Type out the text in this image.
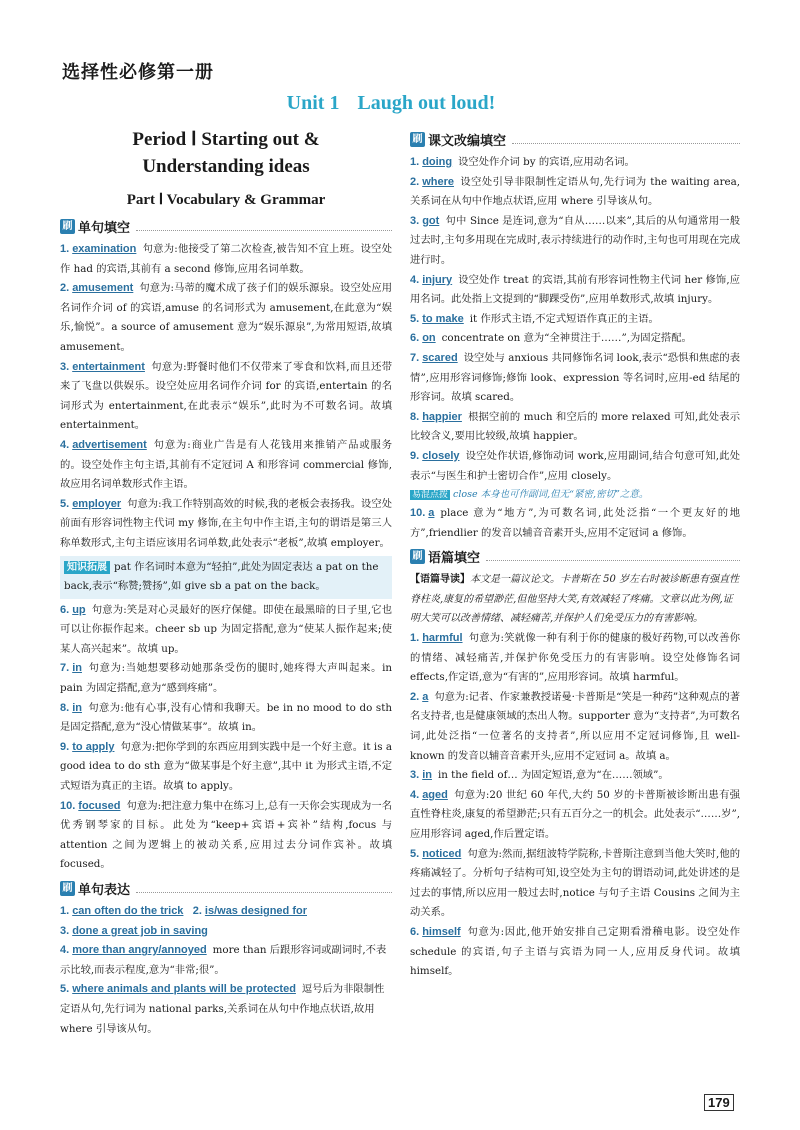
选择性必修第一册
Unit 1 Laugh out loud!
Period Ⅰ Starting out &
Understanding ideas
Part Ⅰ Vocabulary & Grammar
刷 单句填空
1. examination 句意为:他接受了第二次检查,被告知不宜上班。设空处作 had 的宾语,其前有 a second 修饰,应用名词单数。
2. amusement 句意为:马蒂的魔术成了孩子们的娱乐源泉。设空处应用名词作介词 of 的宾语,amuse 的名词形式为 amusement,在此意为“娱乐,愉悦”。a source of amusement 意为“娱乐源泉”,为常用短语,故填 amusement。
3. entertainment 句意为:野餐时他们不仅带来了零食和饮料,而且还带来了飞盘以供娱乐。设空处应用名词作介词 for 的宾语,entertain 的名词形式为 entertainment,在此表示“娱乐”,此时为不可数名词。故填 entertainment。
4. advertisement 句意为:商业广告是有人花钱用来推销产品或服务的。设空处作主句主语,其前有不定冠词 A 和形容词 commercial 修饰,故应用名词单数形式作主语。
5. employer 句意为:我工作特别高效的时候,我的老板会表扬我。设空处前面有形容词性物主代词 my 修饰,在主句中作主语,主句的谓语是第三人称单数形式,主句主语应该用名词单数,此处表示“老板”,故填 employer。
知识拓展 pat 作名词时本意为“轻拍”,此处为固定表达 a pat on the back,表示“称赞;赞扬”,如 give sb a pat on the back。
6. up 句意为:笑是对心灵最好的医疗保健。即使在最黑暗的日子里,它也可以让你振作起来。cheer sb up 为固定搭配,意为“使某人振作起来;使某人高兴起来”。故填 up。
7. in 句意为:当她想要移动她那条受伤的腿时,她疼得大声叫起来。in pain 为固定搭配,意为“感到疼痛”。
8. in 句意为:他有心事,没有心情和我聊天。be in no mood to do sth 是固定搭配,意为“没心情做某事”。故填 in。
9. to apply 句意为:把你学到的东西应用到实践中是一个好主意。it is a good idea to do sth 意为“做某事是个好主意”,其中 it 为形式主语,不定式短语为真正的主语。故填 to apply。
10. focused 句意为:把注意力集中在练习上,总有一天你会实现成为一名优秀钢琴家的目标。此处为“keep+宾语+宾补”结构,focus 与 attention 之间为逻辑上的被动关系,应用过去分词作宾补。故填 focused。
刷 单句表达
1. can often do the trick 2. is/was designed for
3. done a great job in saving
4. more than angry/annoyed more than 后跟形容词或副词时,不表示比较,而表示程度,意为“非常;很”。
5. where animals and plants will be protected 逗号后为非限制性定语从句,先行词为 national parks,关系词在从句中作地点状语,故用 where 引导该从句。
刷 课文改编填空
1. doing 设空处作介词 by 的宾语,应用动名词。
2. where 设空处引导非限制性定语从句,先行词为 the waiting area,关系词在从句中作地点状语,应用 where 引导该从句。
3. got 句中 Since 是连词,意为“自从……以来”,其后的从句通常用一般过去时,主句多用现在完成时,表示持续进行的动作时,主句也可用现在完成进行时。
4. injury 设空处作 treat 的宾语,其前有形容词性物主代词 her 修饰,应用名词。此处指上文提到的“脚踝受伤”,应用单数形式,故填 injury。
5. to make it 作形式主语,不定式短语作真正的主语。
6. on concentrate on 意为“全神贯注于……”,为固定搭配。
7. scared 设空处与 anxious 共同修饰名词 look,表示“恐惧和焦虑的表情”,应用形容词修饰;修饰 look、expression 等名词时,应用-ed 结尾的形容词。故填 scared。
8. happier 根据空前的 much 和空后的 more relaxed 可知,此处表示比较含义,要用比较级,故填 happier。
9. closely 设空处作状语,修饰动词 work,应用副词,结合句意可知,此处表示“与医生和护士密切合作”,应用 closely。
易混点拨 close 本身也可作副词,但无“紧密,密切”之意。
10. a place 意为“地方”,为可数名词,此处泛指“一个更友好的地方”,friendlier 的发音以辅音音素开头,应用不定冠词 a 修饰。
刷 语篇填空
【语篇导读】本文是一篇议论文。卡普斯在 50 岁左右时被诊断患有强直性脊柱炎,康复的希望渺茫,但他坚持大笑,有效减轻了疼痛。文章以此为例,证明大笑可以改善情绪、减轻痛苦,并保护人们免受压力的有害影响。
1. harmful 句意为:笑就像一种有利于你的健康的极好药物,可以改善你的情绪、减轻痛苦,并保护你免受压力的有害影响。设空处修饰名词 effects,作定语,意为“有害的”,应用形容词。故填 harmful。
2. a 句意为:记者、作家兼教授诺曼·卡普斯是“笑是一种药”这种观点的著名支持者,也是健康领域的杰出人物。supporter 意为“支持者”,为可数名词,此处泛指“一位著名的支持者”,所以应用不定冠词修饰,且 well-known 的发音以辅音音素开头,应用不定冠词 a。故填 a。
3. in in the field of… 为固定短语,意为“在……领域”。
4. aged 句意为:20 世纪 60 年代,大约 50 岁的卡普斯被诊断出患有强直性脊柱炎,康复的希望渺茫;只有五百分之一的机会。此处表示“……岁”,应用形容词 aged,作后置定语。
5. noticed 句意为:然而,据纽波特学院称,卡普斯注意到当他大笑时,他的疼痛减轻了。分析句子结构可知,设空处为主句的谓语动词,此处讲述的是过去的事情,所以应用一般过去时,notice 与句子主语 Cousins 之间为主动关系。
6. himself 句意为:因此,他开始安排自己定期看滑稽电影。设空处作 schedule 的宾语,句子主语与宾语为同一人,应用反身代词。故填 himself。
179
